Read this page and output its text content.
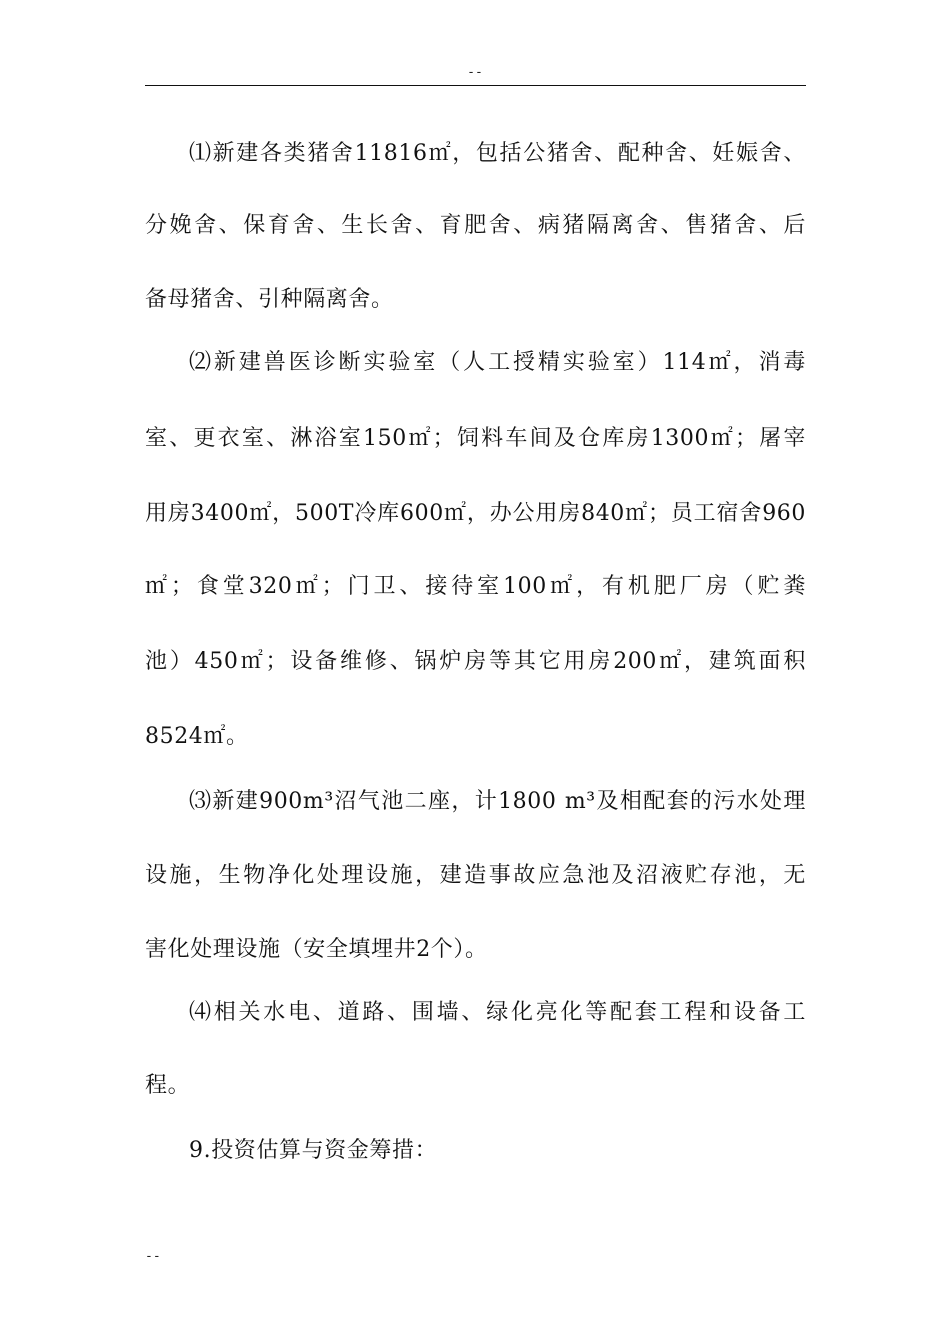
--
⑴新建各类猪舍11816㎡，包括公猪舍、配种舍、妊娠舍、
分娩舍、保育舍、生长舍、育肥舍、病猪隔离舍、售猪舍、后
备母猪舍、引种隔离舍。
⑵新建兽医诊断实验室（人工授精实验室）114㎡，消毒
室、更衣室、淋浴室150㎡；饲料车间及仓库房1300㎡；屠宰
用房3400㎡，500T冷库600㎡，办公用房840㎡；员工宿舍960
㎡；食堂320㎡；门卫、接待室100㎡，有机肥厂房（贮粪
池）450㎡；设备维修、锅炉房等其它用房200㎡，建筑面积
8524㎡。
⑶新建900m³沼气池二座，计1800 m³及相配套的污水处理
设施，生物净化处理设施，建造事故应急池及沼液贮存池，无
害化处理设施（安全填埋井2个）。
⑷相关水电、道路、围墙、绿化亮化等配套工程和设备工
程。
9.投资估算与资金筹措：
--
